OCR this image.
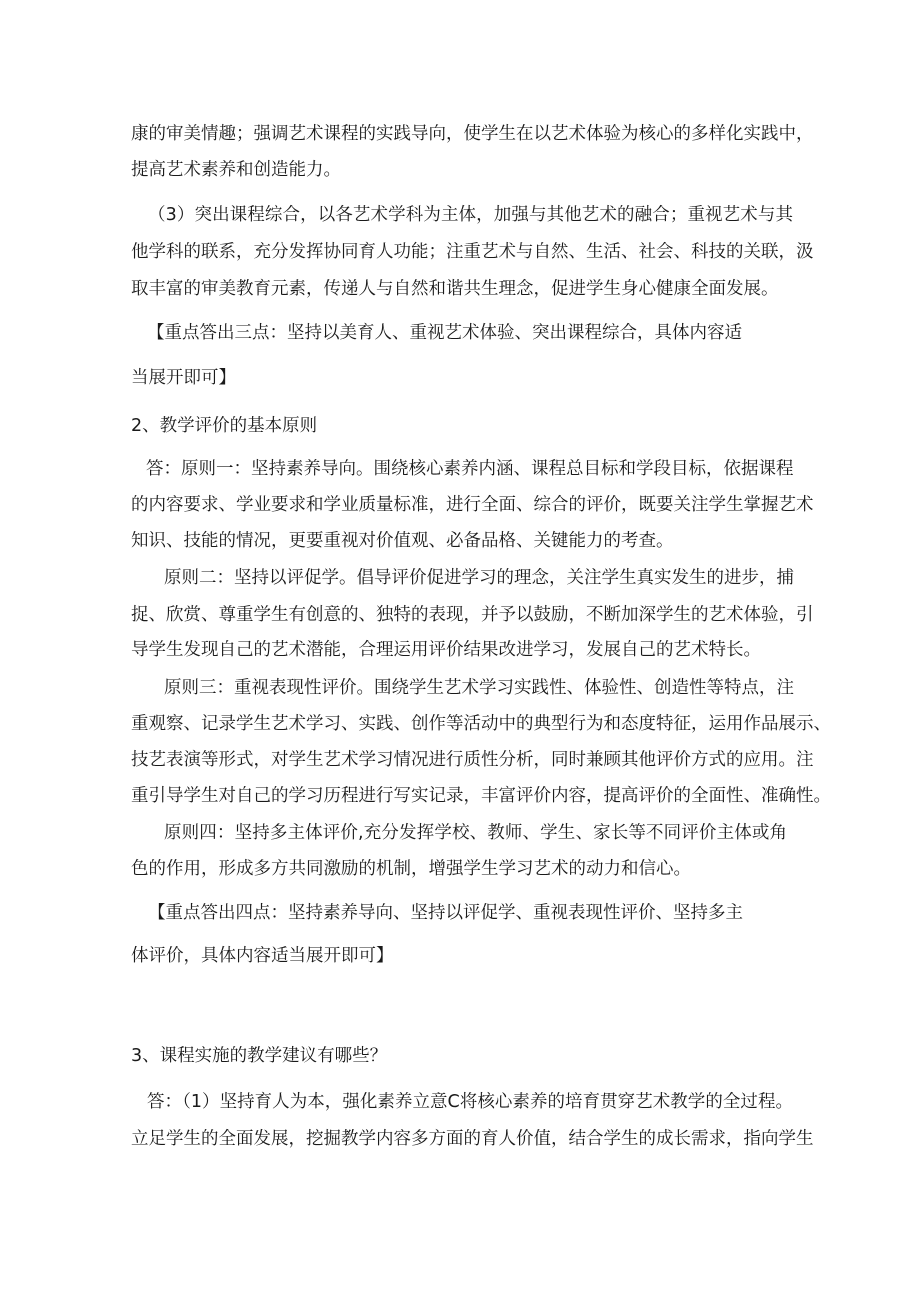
康的审美情趣；强调艺术课程的实践导向，使学生在以艺术体验为核心的多样化实践中，
提高艺术素养和创造能力。
（3）突出课程综合，以各艺术学科为主体，加强与其他艺术的融合；重视艺术与其
他学科的联系，充分发挥协同育人功能；注重艺术与自然、生活、社会、科技的关联，汲
取丰富的审美教育元素，传递人与自然和谐共生理念，促进学生身心健康全面发展。
【重点答出三点：坚持以美育人、重视艺术体验、突出课程综合，具体内容适
当展开即可】
2、教学评价的基本原则
答：原则一：坚持素养导向。围绕核心素养内涵、课程总目标和学段目标，依据课程
的内容要求、学业要求和学业质量标准，进行全面、综合的评价，既要关注学生掌握艺术
知识、技能的情况，更要重视对价值观、必备品格、关键能力的考查。
原则二：坚持以评促学。倡导评价促进学习的理念，关注学生真实发生的进步，捕
捉、欣赏、尊重学生有创意的、独特的表现，并予以鼓励，不断加深学生的艺术体验，引
导学生发现自己的艺术潜能，合理运用评价结果改进学习，发展自己的艺术特长。
原则三：重视表现性评价。围绕学生艺术学习实践性、体验性、创造性等特点，注
重观察、记录学生艺术学习、实践、创作等活动中的典型行为和态度特征，运用作品展示、
技艺表演等形式，对学生艺术学习情况进行质性分析，同时兼顾其他评价方式的应用。注
重引导学生对自己的学习历程进行写实记录，丰富评价内容，提高评价的全面性、准确性。
原则四：坚持多主体评价,充分发挥学校、教师、学生、家长等不同评价主体或角
色的作用，形成多方共同激励的机制，增强学生学习艺术的动力和信心。
【重点答出四点：坚持素养导向、坚持以评促学、重视表现性评价、坚持多主
体评价，具体内容适当展开即可】
3、课程实施的教学建议有哪些？
答：（1）坚持育人为本，强化素养立意C将核心素养的培育贯穿艺术教学的全过程。
立足学生的全面发展，挖掘教学内容多方面的育人价值，结合学生的成长需求，指向学生
